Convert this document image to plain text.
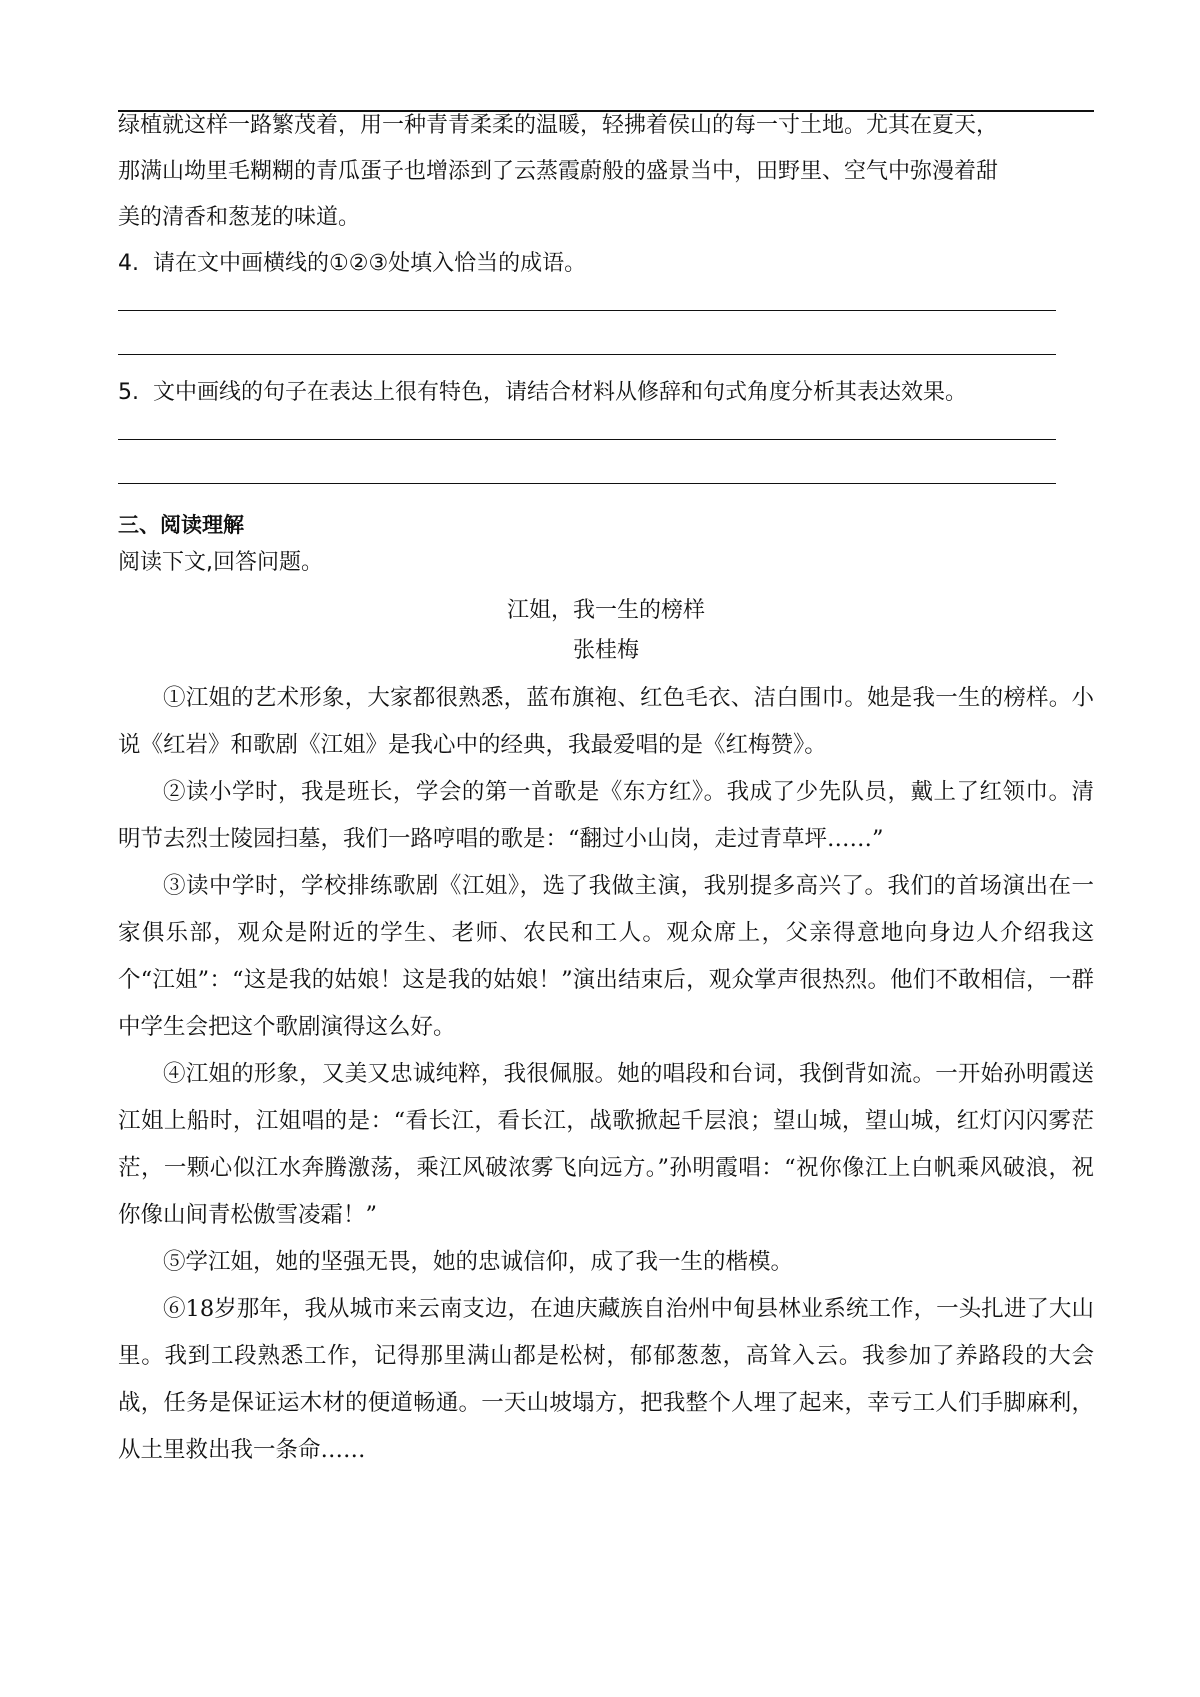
绿植就这样一路繁茂着，用一种青青柔柔的温暖，轻拂着侯山的每一寸土地。尤其在夏天，
那满山坳里毛糊糊的青瓜蛋子也增添到了云蒸霞蔚般的盛景当中，田野里、空气中弥漫着甜
美的清香和葱茏的味道。
4. 请在文中画横线的①②③处填入恰当的成语。
5. 文中画线的句子在表达上很有特色，请结合材料从修辞和句式角度分析其表达效果。
三、阅读理解
阅读下文,回答问题。
江姐，我一生的榜样
张桂梅

①江姐的艺术形象，大家都很熟悉，蓝布旗袍、红色毛衣、洁白围巾。她是我一生的榜样。小说《红岩》和歌剧《江姐》是我心中的经典，我最爱唱的是《红梅赞》。

②读小学时，我是班长，学会的第一首歌是《东方红》。我成了少先队员，戴上了红领巾。清明节去烈士陵园扫墓，我们一路哼唱的歌是：“翻过小山岗，走过青草坪……”

③读中学时，学校排练歌剧《江姐》，选了我做主演，我别提多高兴了。我们的首场演出在一家俱乐部，观众是附近的学生、老师、农民和工人。观众席上，父亲得意地向身边人介绍我这个“江姐”：“这是我的姑娘！这是我的姑娘！”演出结束后，观众掌声很热烈。他们不敢相信，一群中学生会把这个歌剧演得这么好。

④江姐的形象，又美又忠诚纯粹，我很佩服。她的唱段和台词，我倒背如流。一开始孙明霞送江姐上船时，江姐唱的是：“看长江，看长江，战歌掀起千层浪；望山城，望山城，红灯闪闪雾茫茫，一颗心似江水奔腾激荡，乘江风破浓雾飞向远方。”孙明霞唱：“祝你像江上白帆乘风破浪，祝你像山间青松傲雪凌霜！”

⑤学江姐，她的坚强无畏，她的忠诚信仰，成了我一生的楷模。

⑥18岁那年，我从城市来云南支边，在迪庆藏族自治州中甸县林业系统工作，一头扎进了大山里。我到工段熟悉工作，记得那里满山都是松树，郁郁葱葱，高耸入云。我参加了养路段的大会战，任务是保证运木材的便道畅通。一天山坡塌方，把我整个人埋了起来，幸亏工人们手脚麻利，从土里救出我一条命……
